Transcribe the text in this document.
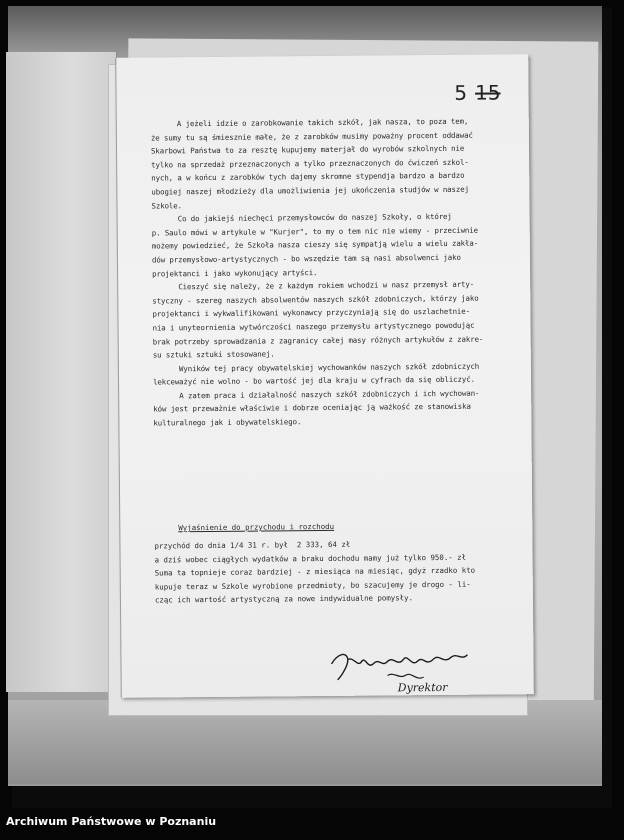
5 15
A jeżeli idzie o zarobkowanie takich szkół, jak nasza, to poza tem,
że sumy tu są śmiesznie małe, że z zarobków musimy poważny procent oddawać
Skarbowi Państwa to za resztę kupujemy materjał do wyrobów szkolnych nie
tylko na sprzedaż przeznaczonych a tylko przeznaczonych do ćwiczeń szkol-
nych, a w końcu z zarobków tych dajemy skromne stypendja bardzo a bardzo
ubogiej naszej młodzieży dla umożliwienia jej ukończenia studjów w naszej
Szkole.
Co do jakiejś niechęci przemysłowców do naszej Szkoły, o której
p. Saulo mówi w artykule w "Kurjer", to my o tem nic nie wiemy - przeciwnie
możemy powiedzieć, że Szkoła nasza cieszy się sympatją wielu a wielu zakła-
dów przemysłowo-artystycznych - bo wszędzie tam są nasi absolwenci jako
projektanci i jako wykonujący artyści.
Cieszyć się należy, że z każdym rokiem wchodzi w nasz przemysł arty-
styczny - szereg naszych absolwentów naszych szkół zdobniczych, którzy jako
projektanci i wykwalifikowani wykonawcy przyczyniają się do uszlachetnie-
nia i unyteornienia wytwórczości naszego przemysłu artystycznego powodując
brak potrzeby sprowadzania z zagranicy całej masy różnych artykułów z zakre-
su sztuki sztuki stosowanej.
Wyników tej pracy obywatelskiej wychowanków naszych szkół zdobniczych
lekceważyć nie wolno - bo wartość jej dla kraju w cyfrach da się obliczyć.
A zatem praca i działalność naszych szkół zdobniczych i ich wychowan-
ków jest przeważnie właściwie i dobrze oceniając ją ważkość ze stanowiska
kulturalnego jak i obywatelskiego.
Wyjaśnienie do przychodu i rozchodu
przychód do dnia 1/4 31 r. był  2 333, 64 zł
a dziś wobec ciągłych wydatków a braku dochodu mamy już tylko 950.- zł
Suma ta topnieje coraz bardziej - z miesiąca na miesiąc, gdyż rzadko kto
kupuje teraz w Szkole wyrobione przedmioty, bo szacujemy je drogo - li-
cząc ich wartość artystyczną za nowe indywidualne pomysły.
Dyrektor
Archiwum Państwowe w Poznaniu
